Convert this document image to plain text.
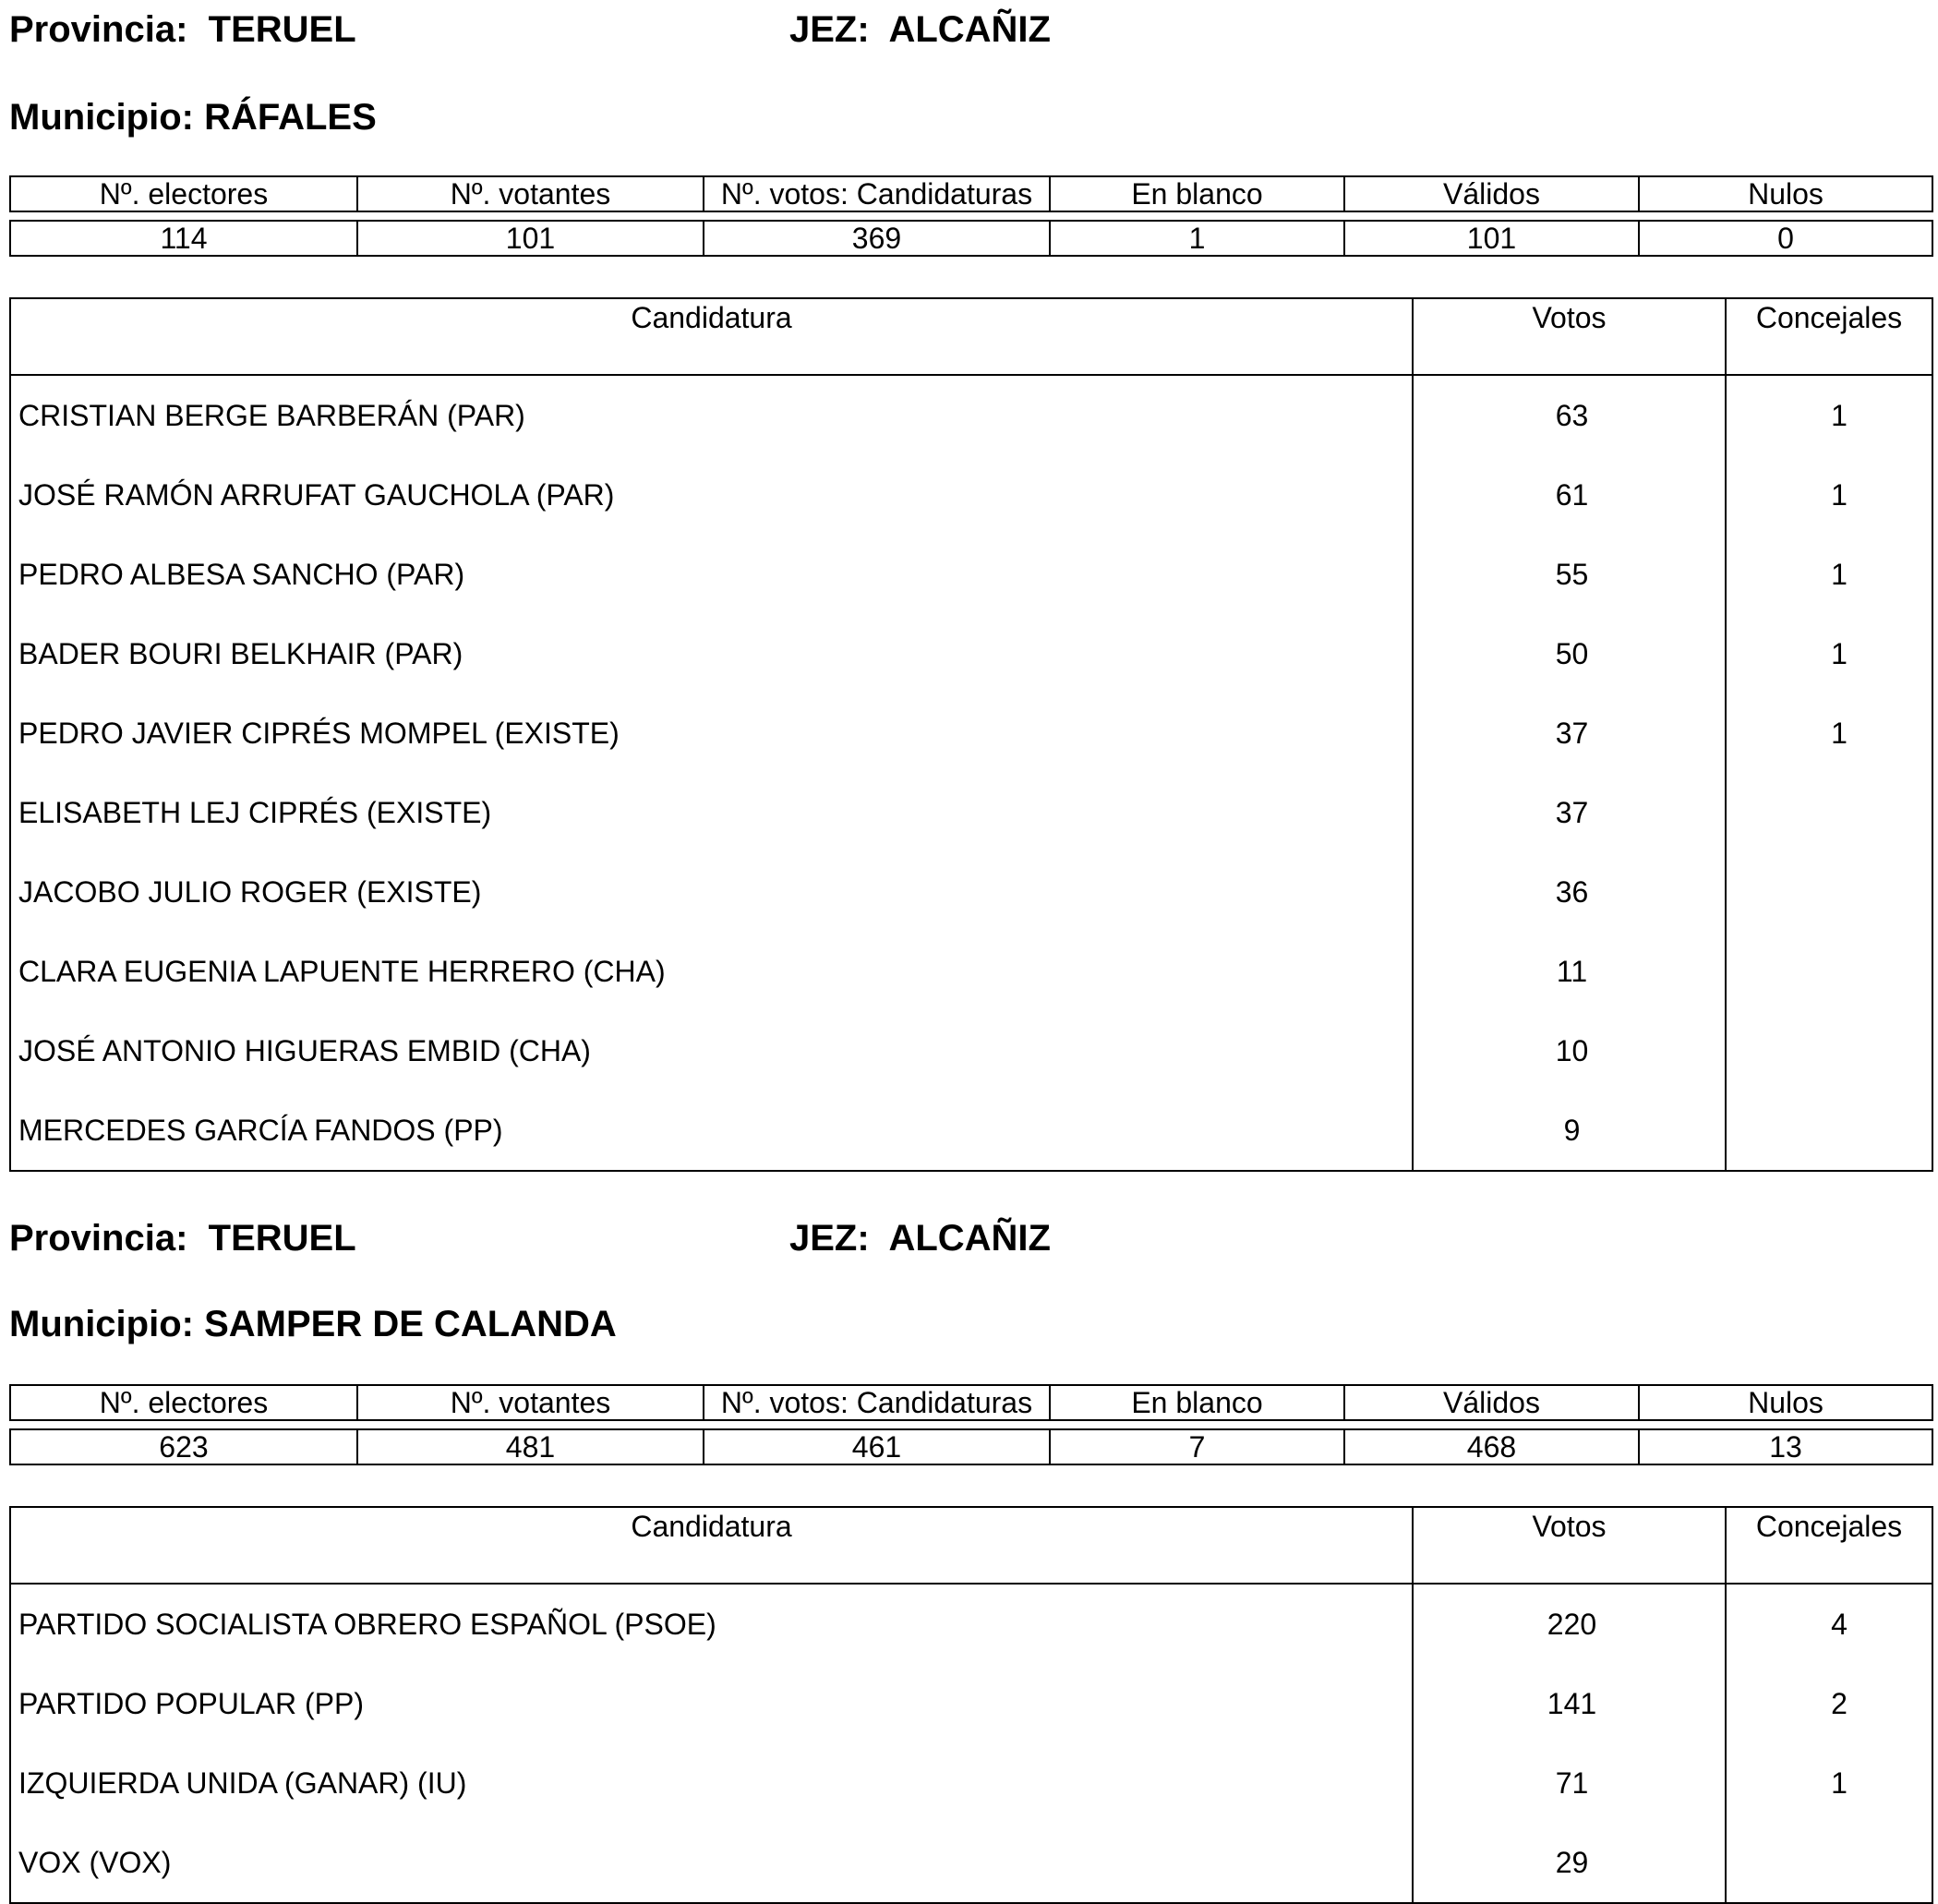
Provincia: TERUEL	JEZ: ALCAÑIZ
Municipio: RÁFALES
Nº. electores	Nº. votantes	Nº. votos: Candidaturas	En blanco	Válidos	Nulos

114	101	369	1	101	0
Candidatura	Votos	Concejales
CRISTIAN BERGE BARBERÁN (PAR)	63	1
JOSÉ RAMÓN ARRUFAT GAUCHOLA (PAR)	61	1
PEDRO ALBESA SANCHO (PAR)	55	1
BADER BOURI BELKHAIR (PAR)	50	1
PEDRO JAVIER CIPRÉS MOMPEL (EXISTE)	37	1
ELISABETH LEJ CIPRÉS (EXISTE)	37	
JACOBO JULIO ROGER (EXISTE)	36	
CLARA EUGENIA LAPUENTE HERRERO (CHA)	11	
JOSÉ ANTONIO HIGUERAS EMBID (CHA)	10	
MERCEDES GARCÍA FANDOS (PP)	9	
Provincia: TERUEL	JEZ: ALCAÑIZ
Municipio: SAMPER DE CALANDA
Nº. electores	Nº. votantes	Nº. votos: Candidaturas	En blanco	Válidos	Nulos

623	481	461	7	468	13
Candidatura	Votos	Concejales
PARTIDO SOCIALISTA OBRERO ESPAÑOL (PSOE)	220	4
PARTIDO POPULAR (PP)	141	2
IZQUIERDA UNIDA (GANAR) (IU)	71	1
VOX (VOX)	29	
